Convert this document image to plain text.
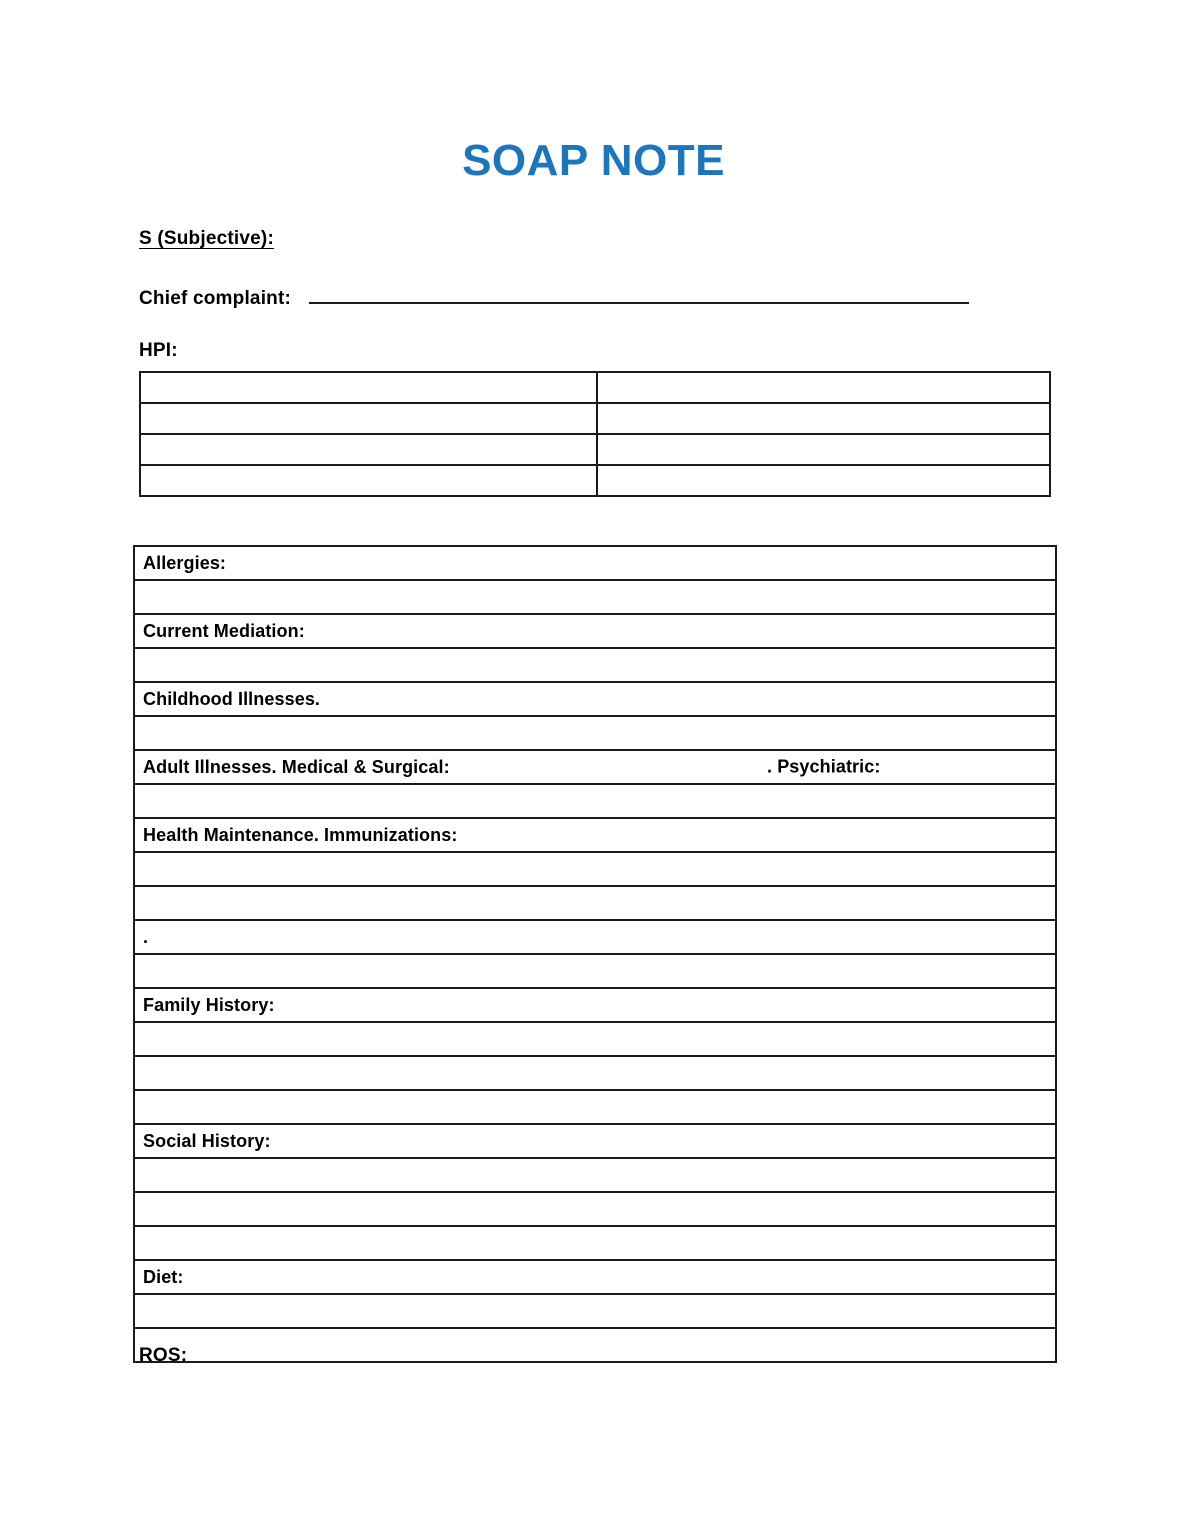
SOAP NOTE
S (Subjective):
Chief complaint:
HPI:

Allergies:

Current Mediation:

Childhood Illnesses.

Adult Illnesses. Medical & Surgical:	. Psychiatric:

Health Maintenance. Immunizations:

.

Family History:

Social History:

Diet:

ROS:
